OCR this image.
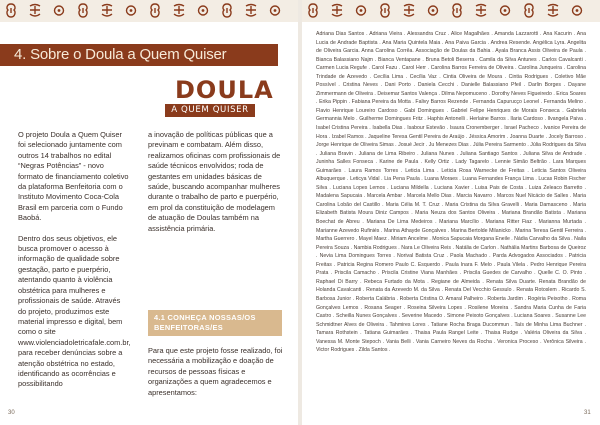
4. Sobre o Doula a Quem Quiser
DOULA
A QUEM QUISER

O projeto Doula a Quem Quiser foi selecionado juntamente com outros 14 trabalhos no edital “Negras Potências” - novo formato de financiamento coletivo da plataforma Benfeitoria com o Instituto Movimento Coca-Cola Brasil em parceria com o Fundo Baobá.

Dentro dos seus objetivos, ele busca promover o acesso à informação de qualidade sobre gestação, parto e puerpério, atentando quanto à violência obstétrica para mulheres e profissionais de saúde. Através do projeto, produzimos este material impresso e digital, bem como o site www.violenciadoletricafale.com.br, para receber denúncias sobre a atenção obstétrica no estado, identificando as ocorrências e possibilitando

a inovação de políticas públicas que a previnam e combatam. Além disso, realizamos oficinas com profissionais de saúde técnicos envolvidos; roda de gestantes em unidades básicas de saúde, buscando acompanhar mulheres durante o trabalho de parto e puerpério, em prol da constituição de modelagem de atuação de Doulas também na assistência primária.

4.1 CONHEÇA NOSSAS/OS BENFEITORAS/ES

Para que este projeto fosse realizado, foi necessária a mobilização e doação de recursos de pessoas físicas e organizações a quem agradecemos e apresentamos:

30
Adriana Dias Santos . Adriana Vieira . Alessandra Cruz . Alice Magalhães . Amanda Lazzarotti . Ana Kacurin . Ana Lucia de Andrade Baptista . Ana Maria Quintela Maia . Ana Paiva Garcia . Andrea Resende. Angélica Lyra. Angelita de Oliveira Garcia. Anna Carolina Corrêa. Associação de Doulas da Bahia . Ayala Branca Assis Oliveira de Paula . Bianca Balassiano Najm . Bianca Ventapane . Bruna Betoli Beserra . Camila da Silva Antunes . Carlos Cavalcanti . Carmen Lucia Regufe . Carol Fazu . Carol Herr . Carolina Barros Ferreira de Oliveira . Carolina Junqueira . Carolina Trindade de Azevedo . Cecília Lima . Cecília Vaz . Cintia Oliveira de Moura . Cintia Rodrigues . Coletivo Mãe Possível . Cristina Neves . Dani Porto . Daniela Cecchi . Danielle Balassiano Pfeil . Darlin Borges . Dayane Zimmermann de Oliveira . Deisemar Santos Valença . Dilma Nepomuceno . Dorothy Neves Figueiredo . Erica Soares . Erika Pippin . Fabiana Pereira da Motta . Falivy Barros Rezende . Fernanda Capurucço Leonel . Fernanda Melino . Flavio Henrique Loureiro Cardoso . Gabi Domingues . Gabriel Felipe Henriques de Morais Fonseca . Gabriela Germannia Melo . Guilherme Domingues Fritz . Haphis Antonelli . Herlaine Barros . Ilaria Cardoso . Ilvangela Paiva . Isabel Cristina Pereira . Isabella Dias . Isabour Estevão . Isaura Cronemberger . Israel Pacheco . Ivanice Pereira de Hora . Izabel Ramos . Jaqueline Teresa Gentil Pereira de Araújo . Jéssica Amorim . Joanna Duarte . Jocely Barroso . Jorge Henrique de Oliveira Simas . Josué Jecir . Ju Menezes Dias . Júlia Pereira Sarmento . Júlia Rodrigues da Silva . Juliana Bravin . Juliana de Lima Ribeiro . Juliana Nunes . Juliana Santiago Santos . Juliana Silva de Andrade . Juninha Salles Fonseca . Karine de Paula . Kelly Ortiz . Lady Tagarelo . Lennie Simão Beltrão . Lara Marques Guimarães . Laura Ramos Torres . Leticia Lima . Leticia Rosa Warnecke de Freitas . Leticia Santos Oliveira Albuquerque . Leticya Vidal . Lia Pena Paula . Luana Moraes . Luana Fernandes França Lima . Lucas Robin Fischer Silva . Luciana Lopes Lemos . Luciana Mildella . Luciana Xavier . Luisa Pais de Costa . Luiza Zeleaco Barretto . Madalena Sapucaia . Marcela Ambar . Marcela Mello Dias . Marcia Navarro . Marcos Nuel Nicácio de Salles . Maria Carolina Lobão del Castillo . Maria Célia M. T. Cruz . Maria Cristina da Silva Gravelli . Maria Damasceno . Maria Elizabeth Batista Moura Diniz Campos . Maria Neuza dos Santos Oliveira . Mariana Brandão Batista . Mariana Boechat de Abreu . Mariana De Lima Medeiros . Mariana Marcílio . Mariana Ritter Fiaz . Marianna Murtada . Marianne Azevedo Rufiniés . Marina Athayde Gonçalves . Marina Bertolde Milanicko . Marina Teresa Gentil Ferreira . Martha Guerrero . Mayel Maez . Miriam Ancelme . Monica Sapucaia Morgana Eneile . Nádia Carvalho da Silva . Naila Pereira Souza . Nambia Rodrigues . Nara Le Oliveira Reis . Natália de Carlon . Nathália Martins Barbosa de Queiroz . Nevia Lima Domingues Torres . Norival Batista Cruz . Paola Machado . Parda Advogados Associados . Patricia Freitas . Patricia Regina Romero Paulo C. Esquerdo . Paula Inara F. Melo . Paula Vilela . Pedro Henrique Pereira Prata . Priscila Camacho . Priscila Cristine Viana Manhães . Priscila Guedes de Carvalho . Quelle C. O. Pinto . Raphael Di Barry . Rebeca Furtado da Mota . Regiane de Almeida . Renata Silva Duarte. Renata Brandão de Holanda Cavalcanti . Renata da Azevedo M. da Silva . Renata Del Vecchio Gessulo . Renata Rotoslem . Ricardo S. Barbosa Junior . Roberta Calábria . Roberta Cristina O. Amaral Palheiro . Roberta Jardim . Rogéria Peixotho . Roma Gonçalves Lemos . Rosana Seager . Roseina Silveira Lopes . Rosilene Moreira . Sandra Maria Cunha de Faria Castro . Scheilla Nunes Gonçalves . Severine Macedo . Simone Peixoto Gonçalves . Luciana Soares . Susanne Lee Schmidtner Alves de Oliveira . Tahmires Lores . Tatiane Rocha Braga Ducommun . Taís de Minha Lima Buchner . Tamara Rothstein . Tatiana Guimarães . Thaisa Paula Rangel Leite . Thaisa Rudge . Valéria Oliveira da Silva . Vanessa M. Monte Stepoch . Vania Belli . Vania Carneiro Neves da Rocha . Veronica Proceso . Verônica Silveira . Victor Rodrigues . Zilda Santos .
31
